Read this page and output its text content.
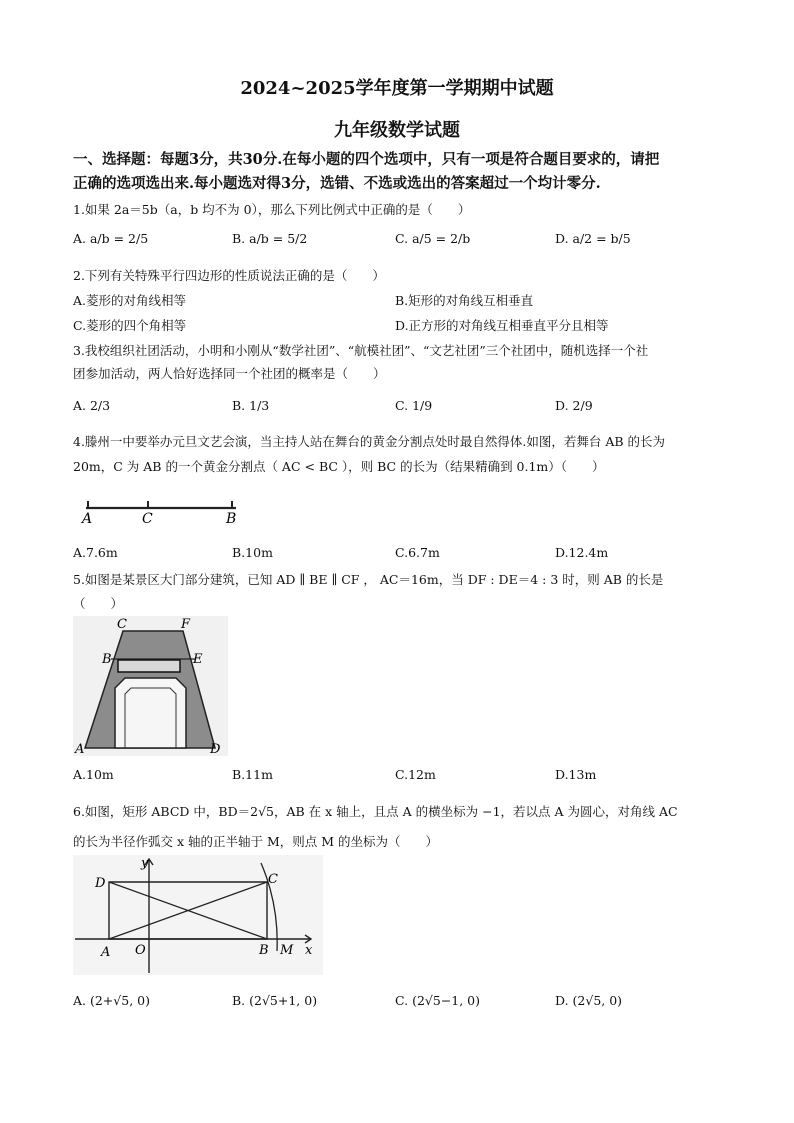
2024~2025学年度第一学期期中试题
九年级数学试题
一、选择题：每题3分，共30分.在每小题的四个选项中，只有一项是符合题目要求的，请把
正确的选项选出来.每小题选对得3分，选错、不选或选出的答案超过一个均计零分.
1.如果 2a＝5b（a，b 均不为 0），那么下列比例式中正确的是（　　）
A. a/b = 2/5	B. a/b = 5/2	C. a/5 = 2/b	D. a/2 = b/5
2.下列有关特殊平行四边形的性质说法正确的是（　　）
A.菱形的对角线相等	B.矩形的对角线互相垂直
C.菱形的四个角相等	D.正方形的对角线互相垂直平分且相等
3.我校组织社团活动，小明和小刚从“数学社团”、“航模社团”、“文艺社团”三个社团中，随机选择一个社
团参加活动，两人恰好选择同一个社团的概率是（　　）
A. 2/3	B. 1/3	C. 1/9	D. 2/9
4.滕州一中要举办元旦文艺会演，当主持人站在舞台的黄金分割点处时最自然得体.如图，若舞台 AB 的长为
20m，C 为 AB 的一个黄金分割点（ AC < BC ），则 BC 的长为（结果精确到 0.1m）（　　）
A	C	B
A.7.6m	B.10m	C.6.7m	D.12.4m
5.如图是某景区大门部分建筑，已知 AD ∥ BE ∥ CF ， AC＝16m，当 DF : DE＝4 : 3 时，则 AB 的长是
（　　）
C	F
B	E
A	D
A.10m	B.11m	C.12m	D.13m
6.如图，矩形 ABCD 中，BD＝2√5，AB 在 x 轴上，且点 A 的横坐标为 −1，若以点 A 为圆心，对角线 AC
的长为半径作弧交 x 轴的正半轴于 M，则点 M 的坐标为（　　）
y
D	C
A O	B M x
A. (2+√5, 0)	B. (2√5+1, 0)	C. (2√5−1, 0)	D. (2√5, 0)
